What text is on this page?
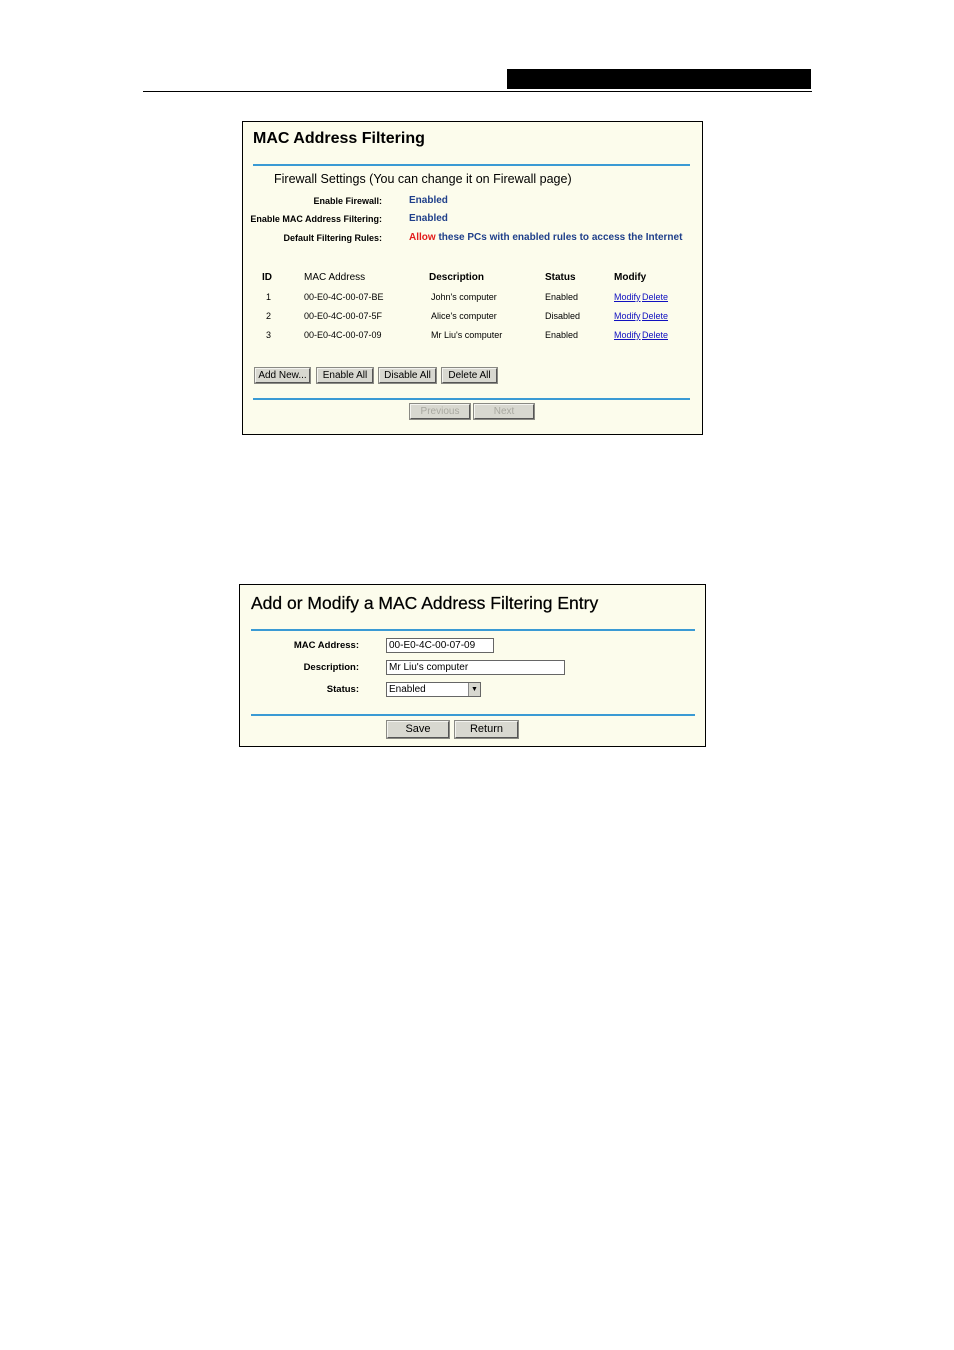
MAC Address Filtering
Firewall Settings (You can change it on Firewall page)
Enable Firewall:	Enabled
Enable MAC Address Filtering:	Enabled
Default Filtering Rules:	Allow these PCs with enabled rules to access the Internet
ID	MAC Address	Description	Status	Modify
1	00-E0-4C-00-07-BE	John's computer	Enabled	Modify Delete
2	00-E0-4C-00-07-5F	Alice's computer	Disabled	Modify Delete
3	00-E0-4C-00-07-09	Mr Liu's computer	Enabled	Modify Delete
Add New...	Enable All	Disable All	Delete All
Previous	Next
Add or Modify a MAC Address Filtering Entry
MAC Address:	00-E0-4C-00-07-09
Description:	Mr Liu's computer
Status:	Enabled	▼
Save	Return
